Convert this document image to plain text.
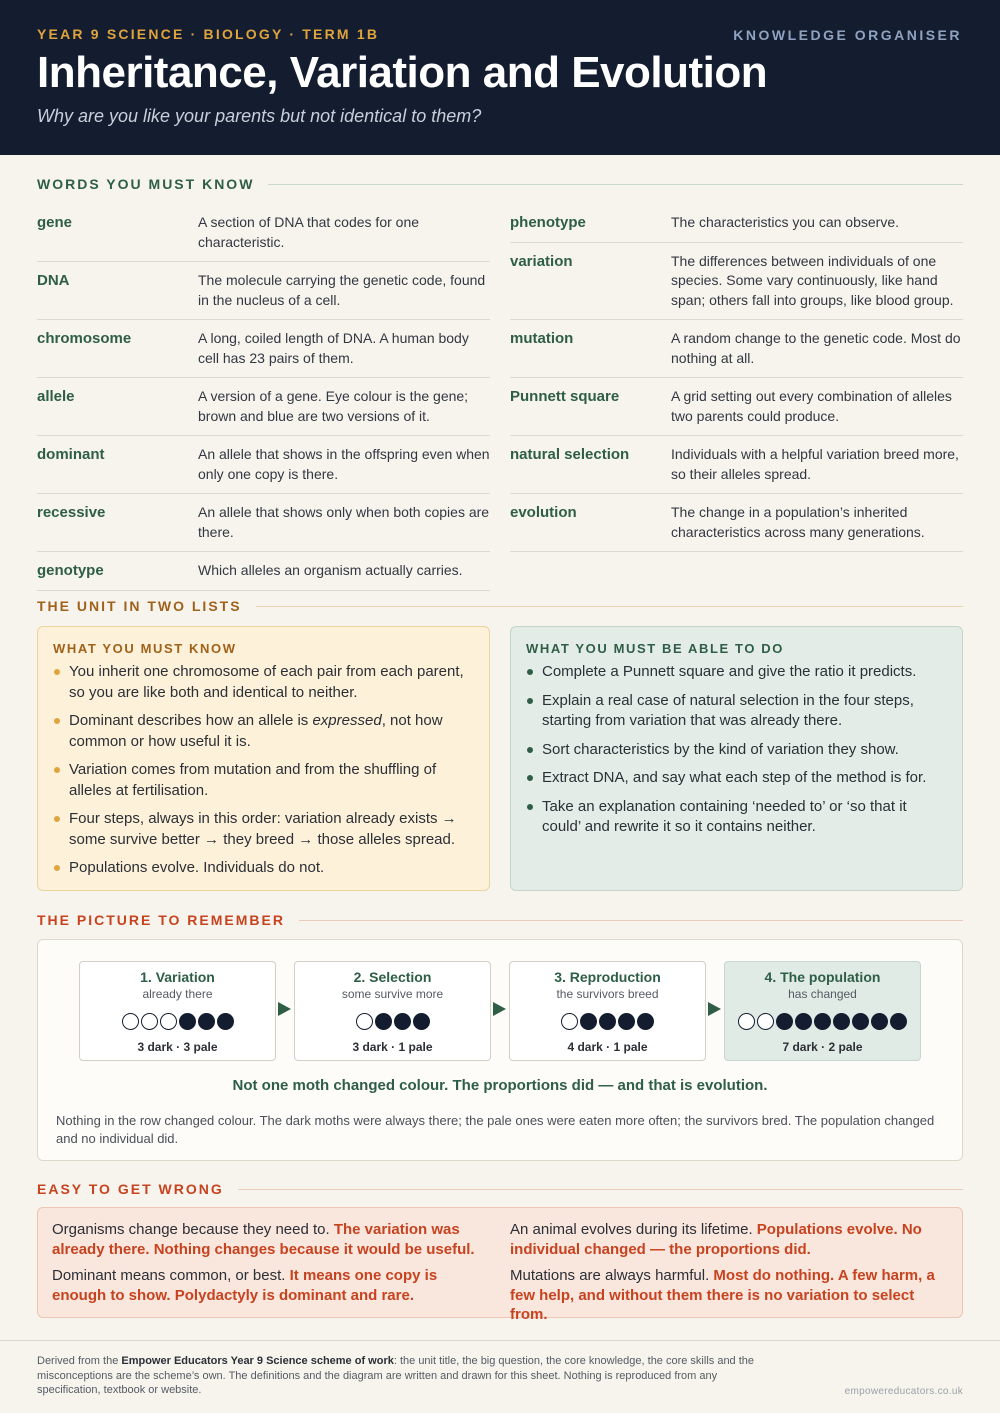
YEAR 9 SCIENCE · BIOLOGY · TERM 1B	KNOWLEDGE ORGANISER
Inheritance, Variation and Evolution
Why are you like your parents but not identical to them?
WORDS YOU MUST KNOW
gene	A section of DNA that codes for one characteristic.
DNA	The molecule carrying the genetic code, found in the nucleus of a cell.
chromosome	A long, coiled length of DNA. A human body cell has 23 pairs of them.
allele	A version of a gene. Eye colour is the gene; brown and blue are two versions of it.
dominant	An allele that shows in the offspring even when only one copy is there.
recessive	An allele that shows only when both copies are there.
genotype	Which alleles an organism actually carries.
phenotype	The characteristics you can observe.
variation	The differences between individuals of one species. Some vary continuously, like hand span; others fall into groups, like blood group.
mutation	A random change to the genetic code. Most do nothing at all.
Punnett square	A grid setting out every combination of alleles two parents could produce.
natural selection	Individuals with a helpful variation breed more, so their alleles spread.
evolution	The change in a population’s inherited characteristics across many generations.
THE UNIT IN TWO LISTS
WHAT YOU MUST KNOW
You inherit one chromosome of each pair from each parent, so you are like both and identical to neither.
Dominant describes how an allele is expressed, not how common or how useful it is.
Variation comes from mutation and from the shuffling of alleles at fertilisation.
Four steps, always in this order: variation already exists → some survive better → they breed → those alleles spread.
Populations evolve. Individuals do not.
WHAT YOU MUST BE ABLE TO DO
Complete a Punnett square and give the ratio it predicts.
Explain a real case of natural selection in the four steps, starting from variation that was already there.
Sort characteristics by the kind of variation they show.
Extract DNA, and say what each step of the method is for.
Take an explanation containing ‘needed to’ or ‘so that it could’ and rewrite it so it contains neither.
THE PICTURE TO REMEMBER
Not one moth changed colour. The proportions did — and that is evolution.
Nothing in the row changed colour. The dark moths were always there; the pale ones were eaten more often; the survivors bred. The population changed and no individual did.
1. Variation
already there
3 dark · 3 pale
2. Selection
some survive more
3 dark · 1 pale
3. Reproduction
the survivors breed
4 dark · 1 pale
4. The population
has changed
7 dark · 2 pale
EASY TO GET WRONG
Organisms change because they need to. The variation was already there. Nothing changes because it would be useful.
An animal evolves during its lifetime. Populations evolve. No individual changed — the proportions did.
Dominant means common, or best. It means one copy is enough to show. Polydactyly is dominant and rare.
Mutations are always harmful. Most do nothing. A few harm, a few help, and without them there is no variation to select from.
Derived from the Empower Educators Year 9 Science scheme of work: the unit title, the big question, the core knowledge, the core skills and the misconceptions are the scheme’s own. The definitions and the diagram are written and drawn for this sheet. Nothing is reproduced from any specification, textbook or website.	empowereducators.co.uk
